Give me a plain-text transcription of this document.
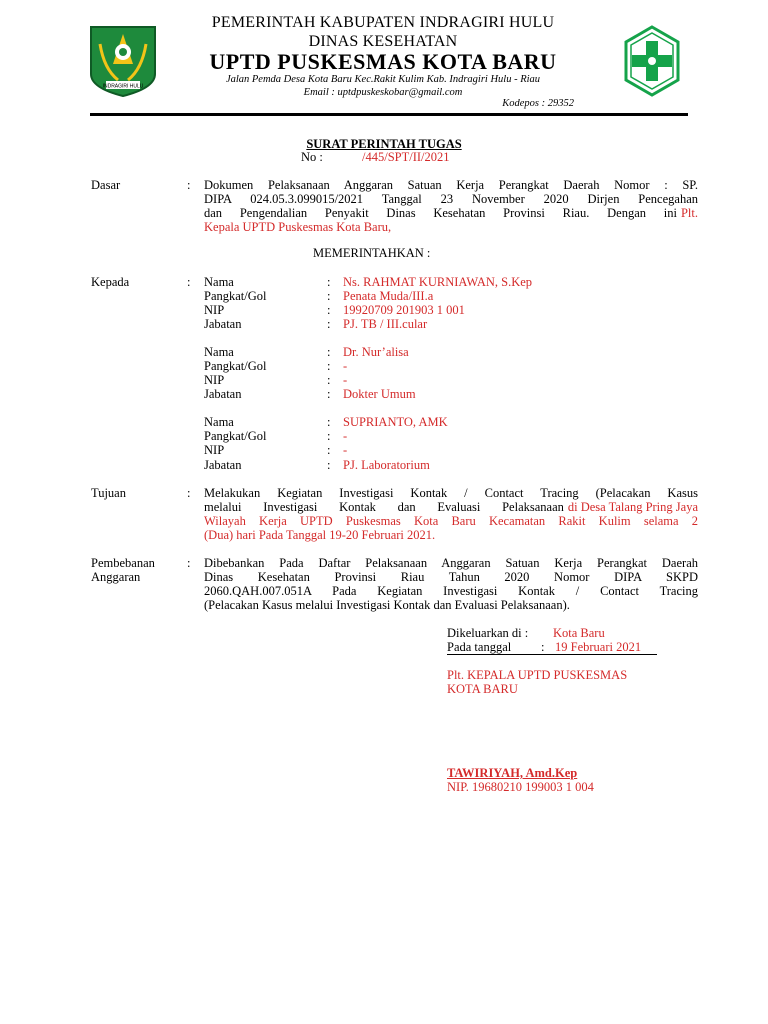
INDRAGIRI HULU
PEMERINTAH KABUPATEN INDRAGIRI HULU
DINAS KESEHATAN
UPTD PUSKESMAS KOTA BARU
Jalan Pemda Desa Kota Baru Kec.Rakit Kulim Kab. Indragiri Hulu - Riau
Email : uptdpuskeskobar@gmail.com
Kodepos : 29352
SURAT PERINTAH TUGAS
No :	/445/SPT/II/2021
Dasar	: Dokumen Pelaksanaan Anggaran Satuan Kerja Perangkat Daerah Nomor : SP.
DIPA 024.05.3.099015/2021 Tanggal 23 November 2020 Dirjen Pencegahan
dan Pengendalian Penyakit Dinas Kesehatan Provinsi Riau. Dengan ini Plt.
Kepala UPTD Puskesmas Kota Baru,
MEMERINTAHKAN :
Kepada	: Nama	: Ns. RAHMAT KURNIAWAN, S.Kep
Pangkat/Gol	: Penata Muda/III.a
NIP	: 19920709 201903 1 001
Jabatan	: PJ. TB / III.cular
Nama	: Dr. Nur’alisa
Pangkat/Gol	: -
NIP	: -
Jabatan	: Dokter Umum
Nama	: SUPRIANTO, AMK
Pangkat/Gol	: -
NIP	: -
Jabatan	: PJ. Laboratorium
Tujuan	: Melakukan Kegiatan Investigasi Kontak / Contact Tracing (Pelacakan Kasus
melalui Investigasi Kontak dan Evaluasi Pelaksanaan di Desa Talang Pring Jaya
Wilayah Kerja UPTD Puskesmas Kota Baru Kecamatan Rakit Kulim selama 2
(Dua) hari Pada Tanggal 19-20 Februari 2021.
Pembebanan
Anggaran
: Dibebankan Pada Daftar Pelaksanaan Anggaran Satuan Kerja Perangkat Daerah
Dinas Kesehatan Provinsi Riau Tahun 2020 Nomor DIPA SKPD
2060.QAH.007.051A Pada Kegiatan Investigasi Kontak / Contact Tracing
(Pelacakan Kasus melalui Investigasi Kontak dan Evaluasi Pelaksanaan).
Dikeluarkan di : Kota Baru
Pada tanggal : 19 Februari 2021
Plt. KEPALA UPTD PUSKESMAS
KOTA BARU
TAWIRIYAH, Amd.Kep
NIP. 19680210 199003 1 004
